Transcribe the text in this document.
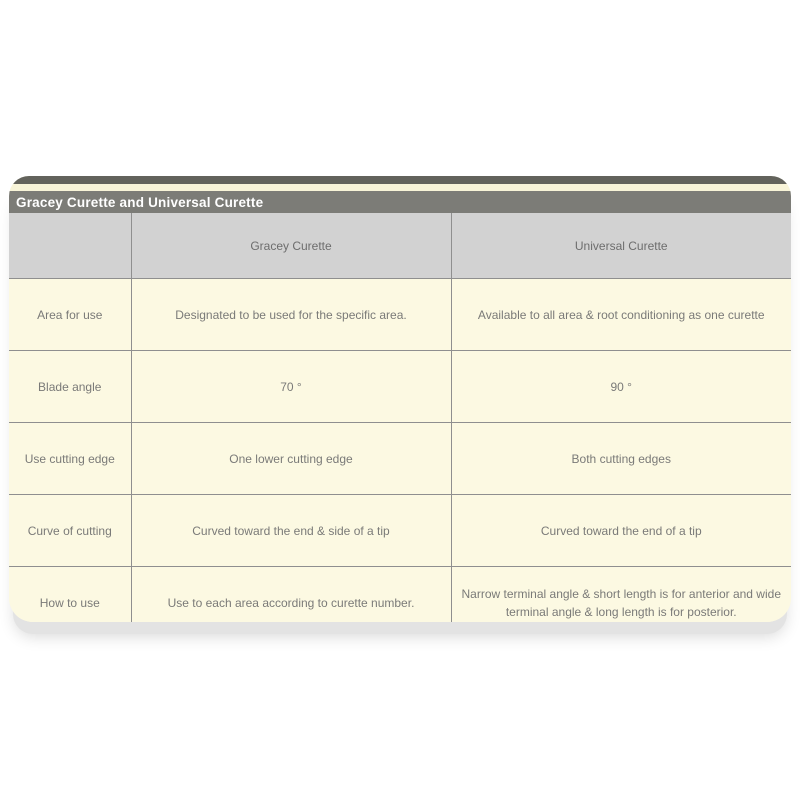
Gracey Curette and Universal Curette
	Gracey Curette	Universal Curette
Area for use	Designated to be used for the specific area.	Available to all area & root conditioning as one curette
Blade angle	70 °	90 °
Use cutting edge	One lower cutting edge	Both cutting edges
Curve of cutting	Curved toward the end & side of a tip	Curved toward the end of a tip
How to use	Use to each area according to curette number.	Narrow terminal angle & short length is for anterior and wide terminal angle & long length is for posterior.
